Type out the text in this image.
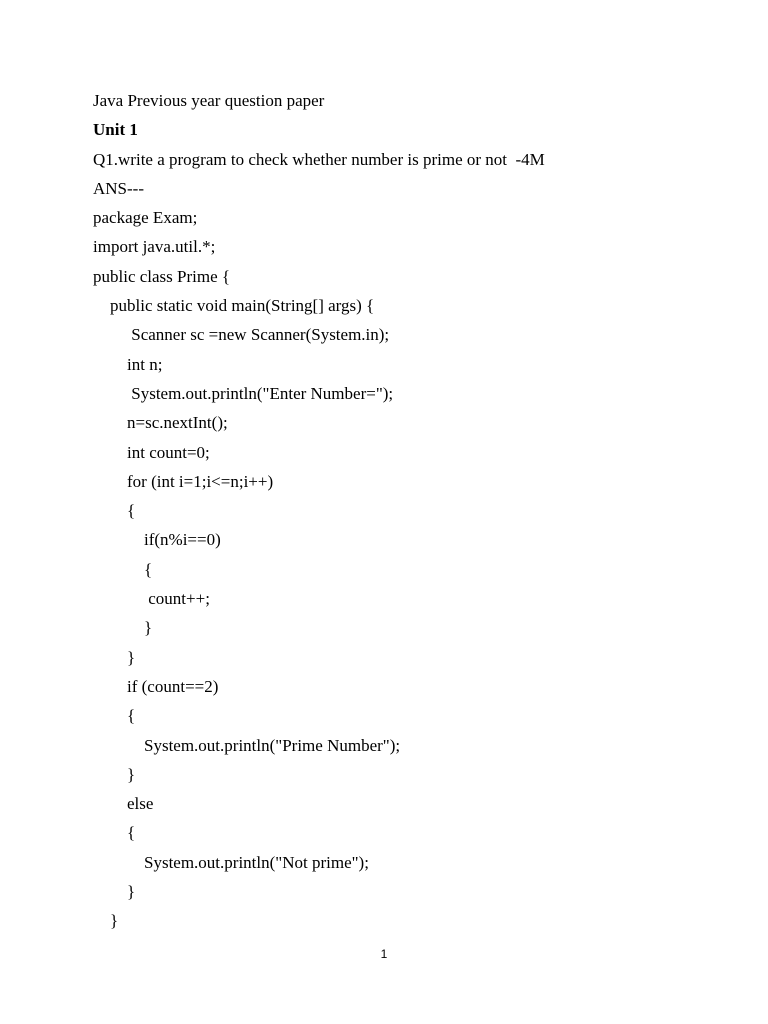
Java Previous year question paper
Unit 1
Q1.write a program to check whether number is prime or not  -4M
ANS---
package Exam;
import java.util.*;
public class Prime {
public static void main(String[] args) {
Scanner sc =new Scanner(System.in);
int n;
System.out.println("Enter Number=");
n=sc.nextInt();
int count=0;
for (int i=1;i<=n;i++)
{
if(n%i==0)
{
count++;
}
}
if (count==2)
{
System.out.println("Prime Number");
}
else
{
System.out.println("Not prime");
}
}
1
